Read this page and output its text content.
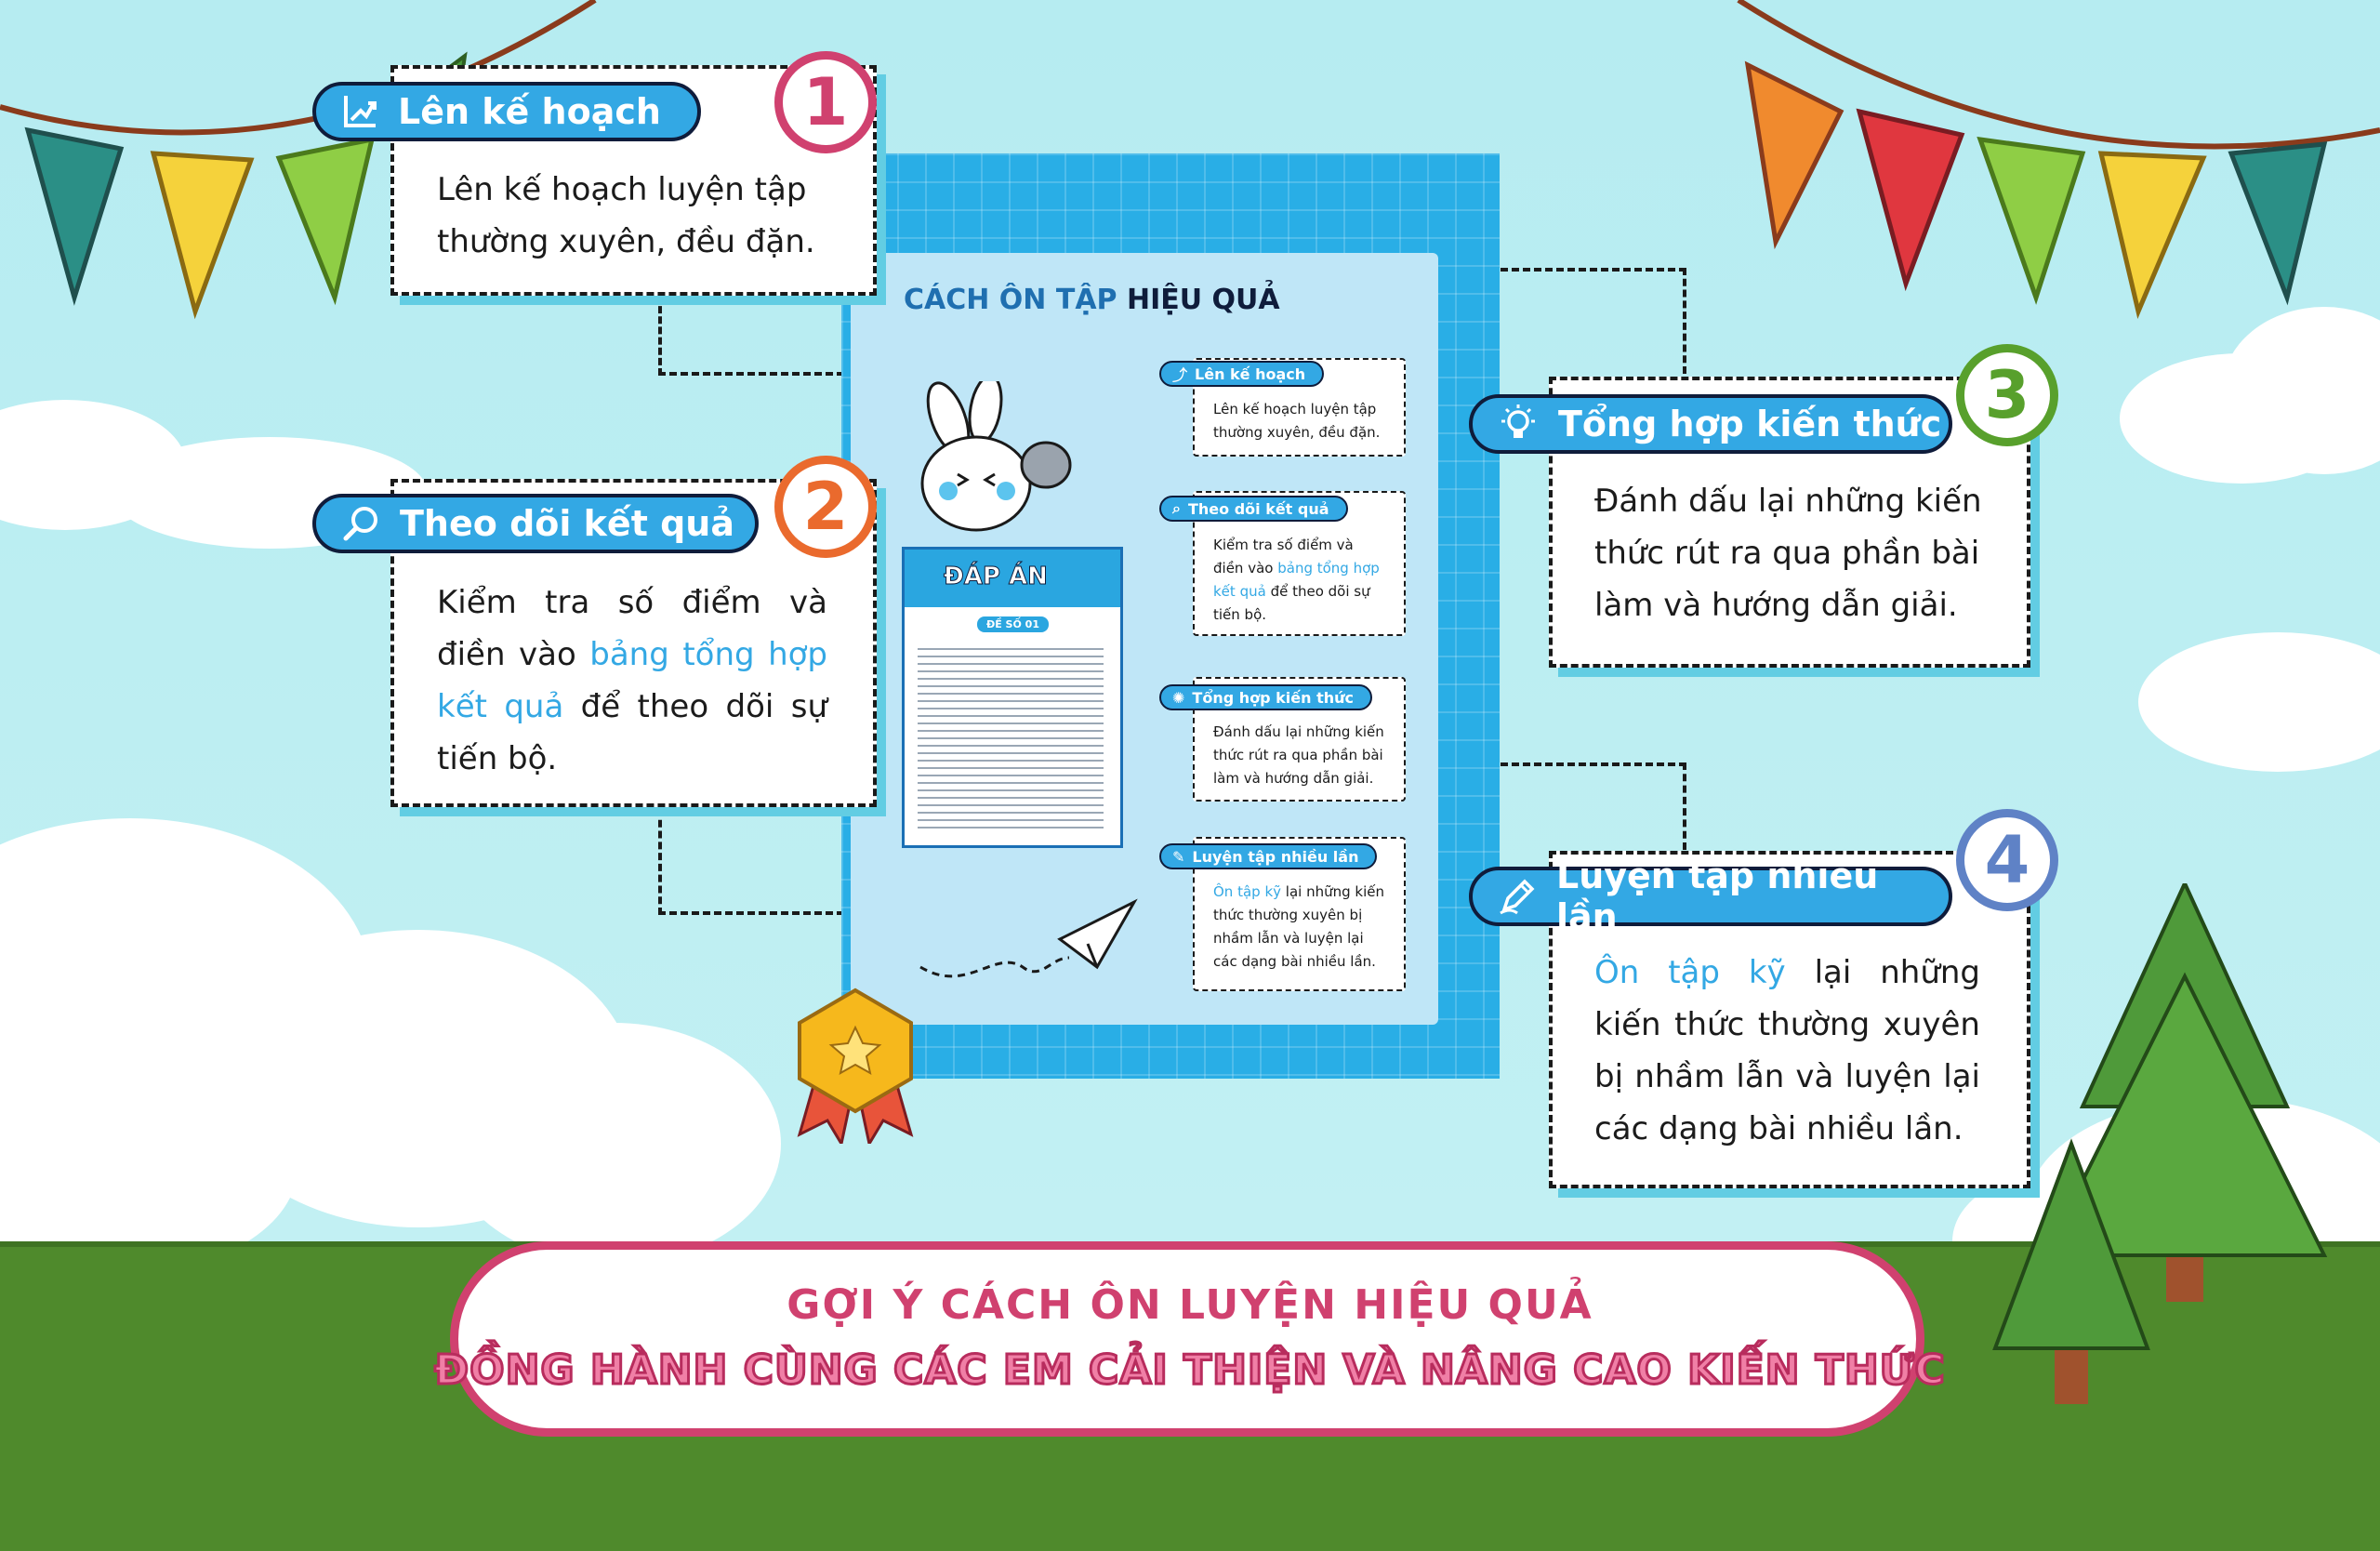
CÁCH ÔN TẬP HIỆU QUẢ
ĐÁP ÁN
ĐỀ SỐ 01
⤴ Lên kế hoạch
Lên kế hoạch luyện tập
thường xuyên, đều đặn.
⌕ Theo dõi kết quả
Kiểm tra số điểm và điền vào bảng tổng hợp kết quả để theo dõi sự tiến bộ.
✺ Tổng hợp kiến thức
Đánh dấu lại những kiến
thức rút ra qua phần bài
làm và hướng dẫn giải.
✎ Luyện tập nhiều lần
Ôn tập kỹ lại những kiến thức thường xuyên bị nhầm lẫn và luyện lại các dạng bài nhiều lần.
Lên kế hoạch luyện tập
thường xuyên, đều đặn.
Lên kế hoạch 1
Kiểm tra số điểm và điền vào bảng tổng hợp kết quả để theo dõi sự tiến bộ.
Theo dõi kết quả 2	Đánh dấu lại những kiến
thức rút ra qua phần bài
làm và hướng dẫn giải.
Tổng hợp kiến thức 3
Ôn tập kỹ lại những kiến thức thường xuyên bị nhầm lẫn và luyện lại các dạng bài nhiều lần.
Luyện tập nhiều lần
4
GỢI Ý CÁCH ÔN LUYỆN HIỆU QUẢ
ĐỒNG HÀNH CÙNG CÁC EM CẢI THIỆN VÀ NÂNG CAO KIẾN THỨC
